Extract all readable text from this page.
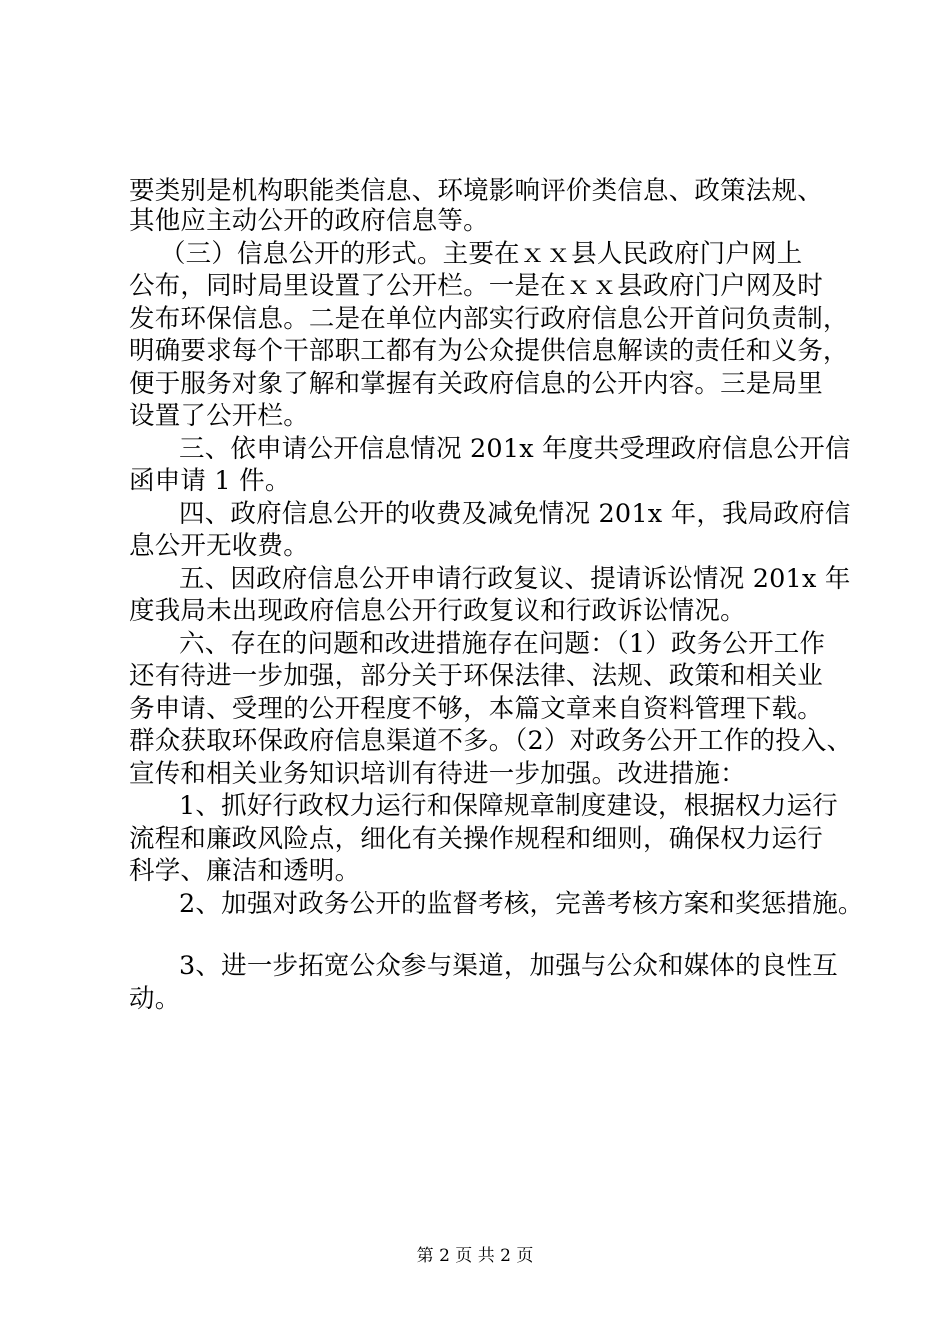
要类别是机构职能类信息、环境影响评价类信息、政策法规、
其他应主动公开的政府信息等。
　（三）信息公开的形式。主要在ｘｘ县人民政府门户网上
公布，同时局里设置了公开栏。一是在ｘｘ县政府门户网及时
发布环保信息。二是在单位内部实行政府信息公开首问负责制，
明确要求每个干部职工都有为公众提供信息解读的责任和义务，
便于服务对象了解和掌握有关政府信息的公开内容。三是局里
设置了公开栏。
三、依申请公开信息情况 201x 年度共受理政府信息公开信
函申请 1 件。
四、政府信息公开的收费及减免情况 201x 年，我局政府信
息公开无收费。
五、因政府信息公开申请行政复议、提请诉讼情况 201x 年
度我局未出现政府信息公开行政复议和行政诉讼情况。
六、存在的问题和改进措施存在问题：（1）政务公开工作
还有待进一步加强，部分关于环保法律、法规、政策和相关业
务申请、受理的公开程度不够，本篇文章来自资料管理下载。
群众获取环保政府信息渠道不多。（2）对政务公开工作的投入、
宣传和相关业务知识培训有待进一步加强。改进措施：
1、抓好行政权力运行和保障规章制度建设，根据权力运行
流程和廉政风险点，细化有关操作规程和细则，确保权力运行
科学、廉洁和透明。
2、加强对政务公开的监督考核，完善考核方案和奖惩措施。
3、进一步拓宽公众参与渠道，加强与公众和媒体的良性互
动。
第 2 页 共 2 页
